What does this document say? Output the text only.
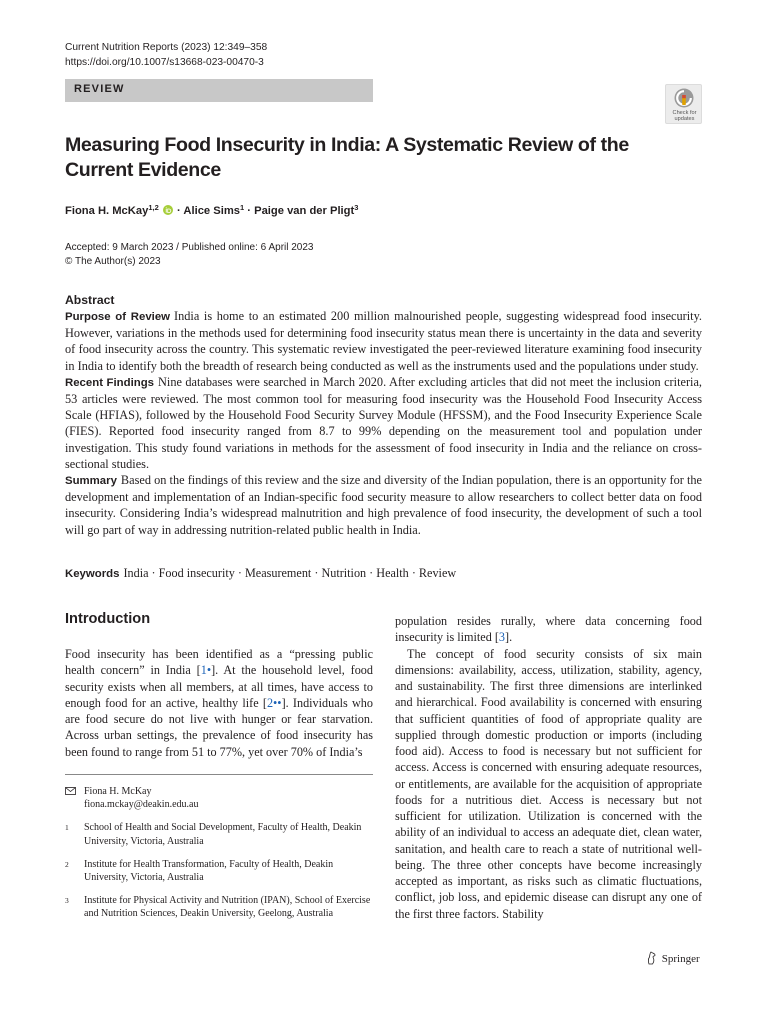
Current Nutrition Reports (2023) 12:349–358
https://doi.org/10.1007/s13668-023-00470-3
REVIEW
Check for
updates
Measuring Food Insecurity in India: A Systematic Review of the Current Evidence
Fiona H. McKay$^{1,2}$ · Alice Sims$^1$ · Paige van der Pligt$^3$
Accepted: 9 March 2023 / Published online: 6 April 2023
© The Author(s) 2023
Abstract

Purpose of Review India is home to an estimated 200 million malnourished people, suggesting widespread food insecurity. However, variations in the methods used for determining food insecurity status mean there is uncertainty in the data and severity of food insecurity across the country. This systematic review investigated the peer-reviewed literature examining food insecurity in India to identify both the breadth of research being conducted as well as the instruments used and the populations under study.

Recent Findings Nine databases were searched in March 2020. After excluding articles that did not meet the inclusion criteria, 53 articles were reviewed. The most common tool for measuring food insecurity was the Household Food Insecurity Access Scale (HFIAS), followed by the Household Food Security Survey Module (HFSSM), and the Food Insecurity Experience Scale (FIES). Reported food insecurity ranged from 8.7 to 99% depending on the measurement tool and population under investigation. This study found variations in methods for the assessment of food insecurity in India and the reliance on cross-sectional studies.

Summary Based on the findings of this review and the size and diversity of the Indian population, there is an opportunity for the development and implementation of an Indian-specific food security measure to allow researchers to collect better data on food insecurity. Considering India’s widespread malnutrition and high prevalence of food insecurity, the development of such a tool will go part of way in addressing nutrition-related public health in India.

Keywords India · Food insecurity · Measurement · Nutrition · Health · Review
Introduction

Food insecurity has been identified as a “pressing public health concern” in India [1•]. At the household level, food security exists when all members, at all times, have access to enough food for an active, healthy life [2••]. Individuals who are food secure do not live with hunger or fear starvation. Across urban settings, the prevalence of food insecurity has been found to range from 51 to 77%, yet over 70% of India’s

population resides rurally, where data concerning food insecurity is limited [3].

The concept of food security consists of six main dimensions: availability, access, utilization, stability, agency, and sustainability. The first three dimensions are interlinked and hierarchical. Food availability is concerned with ensuring that sufficient quantities of food of appropriate quality are supplied through domestic production or imports (including food aid). Access to food is necessary but not sufficient for access. Access is concerned with ensuring adequate resources, or entitlements, are available for the acquisition of appropriate foods for a nutritious diet. Access is necessary but not sufficient for utilization. Utilization is concerned with the ability of an individual to access an adequate diet, clean water, sanitation, and health care to reach a state of nutritional well-being. The three other concepts have become increasingly accepted as important, as risks such as climatic fluctuations, conflict, job loss, and epidemic disease can disrupt any one of the first three factors. Stability

Fiona H. McKay
fiona.mckay@deakin.edu.au
1 School of Health and Social Development, Faculty of Health, Deakin University, Victoria, Australia
2 Institute for Health Transformation, Faculty of Health, Deakin University, Victoria, Australia
3 Institute for Physical Activity and Nutrition (IPAN), School of Exercise and Nutrition Sciences, Deakin University, Geelong, Australia
Springer
